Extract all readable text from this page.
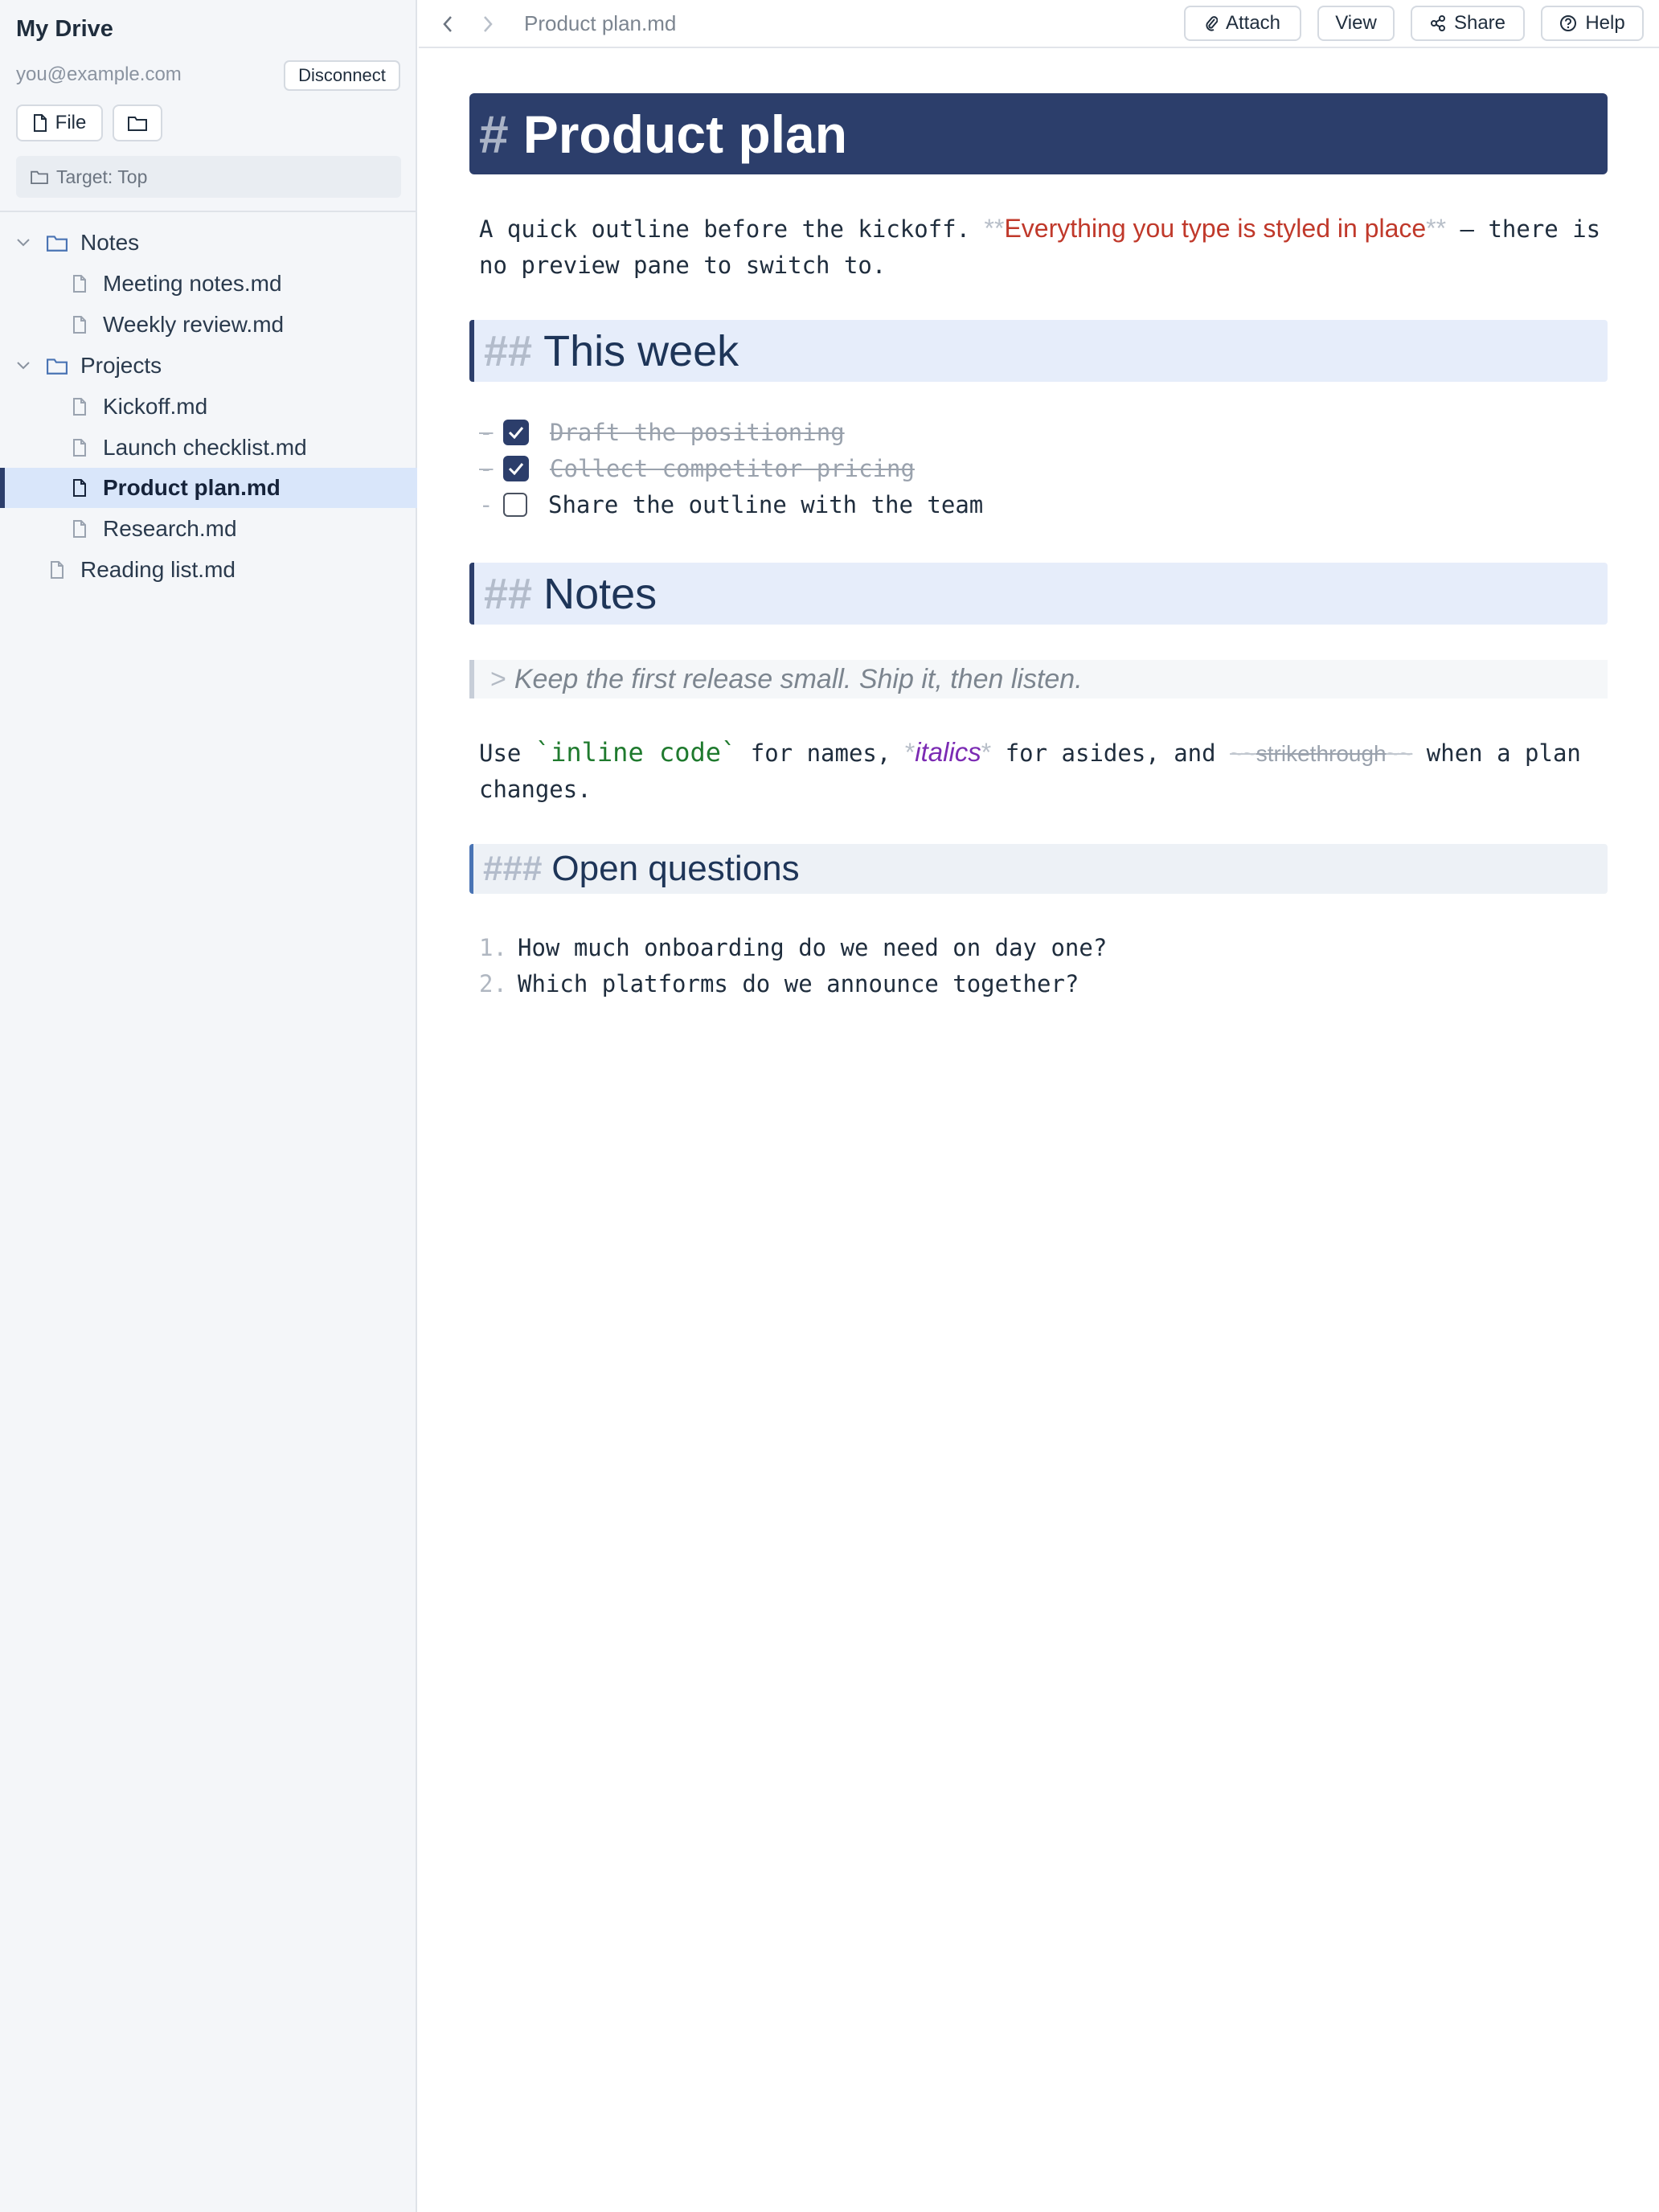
My Drive
you@example.com	Disconnect
File
Target: Top
Notes
Meeting notes.md
Weekly review.md
Projects
Kickoff.md
Launch checklist.md
Product plan.md
Research.md
Reading list.md
Product plan.md	Attach	View	Share	Help
# Product plan
A quick outline before the kickoff. **Everything you type is styled in place** — there is no preview pane to switch to.
## This week
-	Draft the positioning
-	Collect competitor pricing
-	Share the outline with the team
## Notes
> Keep the first release small. Ship it, then listen.
Use `inline code` for names, *italics* for asides, and ~~strikethrough~~ when a plan changes.
### Open questions
1. How much onboarding do we need on day one?
2. Which platforms do we announce together?
